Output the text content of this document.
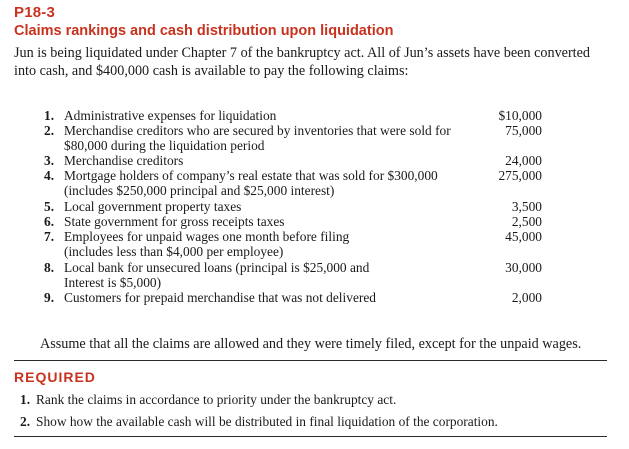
P18-3
Claims rankings and cash distribution upon liquidation

Jun is being liquidated under Chapter 7 of the bankruptcy act. All of Jun’s assets have been converted into cash, and $400,000 cash is available to pay the following claims:

1. Administrative expenses for liquidation	$10,000
2. Merchandise creditors who are secured by inventories that were sold for
$80,000 during the liquidation period
75,000
3. Merchandise creditors	24,000
4. Mortgage holders of company’s real estate that was sold for $300,000
(includes $250,000 principal and $25,000 interest)
275,000
5. Local government property taxes	3,500
6. State government for gross receipts taxes	2,500
7. Employees for unpaid wages one month before filing
(includes less than $4,000 per employee)
45,000
8. Local bank for unsecured loans (principal is $25,000 and
Interest is $5,000)
30,000
9. Customers for prepaid merchandise that was not delivered	2,000

Assume that all the claims are allowed and they were timely filed, except for the unpaid wages.

REQUIRED
1. Rank the claims in accordance to priority under the bankruptcy act.
2. Show how the available cash will be distributed in final liquidation of the corporation.
